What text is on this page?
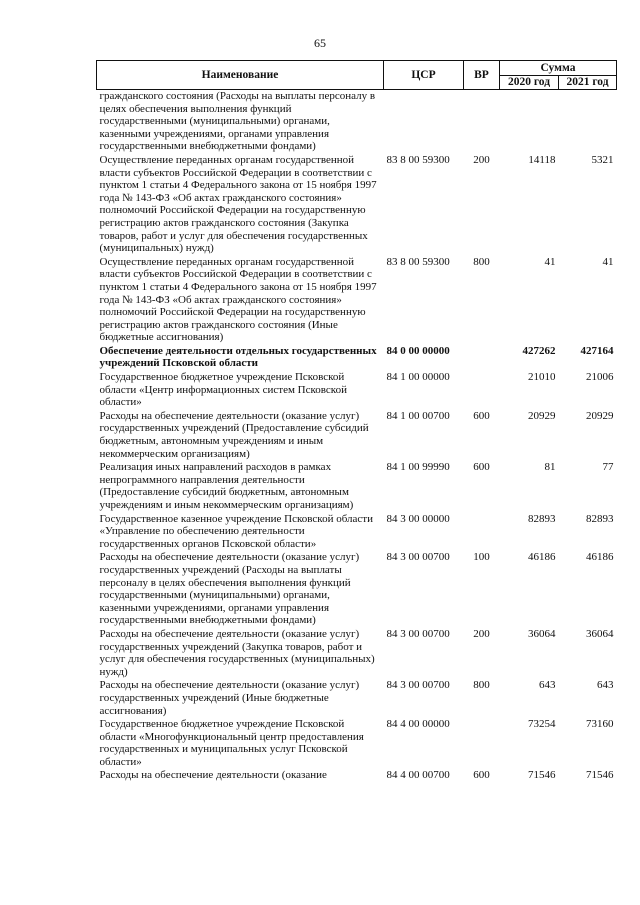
65
Наименование	ЦСР	ВР	Сумма	
			2020 год	2021 год
гражданского состояния (Расходы на выплаты персоналу в целях обеспечения выполнения функций государственными (муниципальными) органами, казенными учреждениями, органами управления государственными внебюджетными фондами)				
Осуществление переданных органам государственной власти субъектов Российской Федерации в соответствии с пунктом 1 статьи 4 Федерального закона от 15 ноября 1997 года № 143-ФЗ «Об актах гражданского состояния» полномочий Российской Федерации на государственную регистрацию актов гражданского состояния (Закупка товаров, работ и услуг для обеспечения государственных (муниципальных) нужд)	83 8 00 59300	200	14118	5321
Осуществление переданных органам государственной власти субъектов Российской Федерации в соответствии с пунктом 1 статьи 4 Федерального закона от 15 ноября 1997 года № 143-ФЗ «Об актах гражданского состояния» полномочий Российской Федерации на государственную регистрацию актов гражданского состояния (Иные бюджетные ассигнования)	83 8 00 59300	800	41	41
Обеспечение деятельности отдельных государственных учреждений Псковской области	84 0 00 00000		427262	427164
Государственное бюджетное учреждение Псковской области «Центр информационных систем Псковской области»	84 1 00 00000		21010	21006
Расходы на обеспечение деятельности (оказание услуг) государственных учреждений (Предоставление субсидий бюджетным, автономным учреждениям и иным некоммерческим организациям)	84 1 00 00700	600	20929	20929
Реализация иных направлений расходов в рамках непрограммного направления деятельности (Предоставление субсидий бюджетным, автономным учреждениям и иным некоммерческим организациям)	84 1 00 99990	600	81	77
Государственное казенное учреждение Псковской области «Управление по обеспечению деятельности государственных органов Псковской области»	84 3 00 00000		82893	82893
Расходы на обеспечение деятельности (оказание услуг) государственных учреждений (Расходы на выплаты персоналу в целях обеспечения выполнения функций государственными (муниципальными) органами, казенными учреждениями, органами управления государственными внебюджетными фондами)	84 3 00 00700	100	46186	46186
Расходы на обеспечение деятельности (оказание услуг) государственных учреждений (Закупка товаров, работ и услуг для обеспечения государственных (муниципальных) нужд)	84 3 00 00700	200	36064	36064
Расходы на обеспечение деятельности (оказание услуг) государственных учреждений (Иные бюджетные ассигнования)	84 3 00 00700	800	643	643
Государственное бюджетное учреждение Псковской области «Многофункциональный центр предоставления государственных и муниципальных услуг Псковской области»	84 4 00 00000		73254	73160
Расходы на обеспечение деятельности (оказание	84 4 00 00700	600	71546	71546
